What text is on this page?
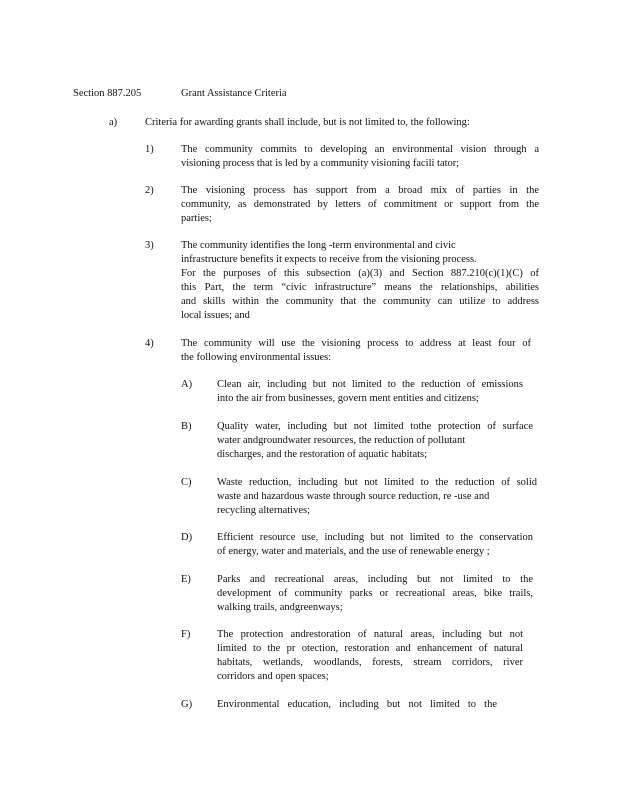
Section 887.205	Grant Assistance Criteria
a)	Criteria for awarding grants shall include, but is not limited to, the following:
1)	The community commits to developing an environmental vision through a
visioning process that is led by a community visioning facili tator;
2)	The visioning process has support from a broad mix of parties in the
community, as demonstrated by letters of commitment or support from the
parties;
3)	The community identifies the long -term environmental and civic
infrastructure benefits it expects to receive from the visioning process.
For the purposes of this subsection (a)(3) and Section 887.210(c)(1)(C) of
this Part, the term “civic infrastructure” means the relationships, abilities
and skills within the community that the community can utilize to address
local issues; and
4)	The community will use the visioning process to address at least four of
the following environmental issues:
A) Clean air, including but not limited to the reduction of emissions
into the air from businesses, govern ment entities and citizens;
B) Quality water, including but not limited tothe protection of surface
water andgroundwater resources, the reduction of pollutant
discharges, and the restoration of aquatic habitats;
C) Waste reduction, including but not limited to the reduction of solid
waste and hazardous waste through source reduction, re -use and
recycling alternatives;
D) Efficient resource use, including but not limited to the conservation
of energy, water and materials, and the use of renewable energy ;
E) Parks and recreational areas, including but not limited to the
development of community parks or recreational areas, bike trails,
walking trails, andgreenways;
F)	The protection andrestoration of natural areas, including but not
limited to the pr otection, restoration and enhancement of natural
habitats, wetlands, woodlands, forests, stream corridors, river
corridors and open spaces;
G) Environmental education, including but not limited to the
